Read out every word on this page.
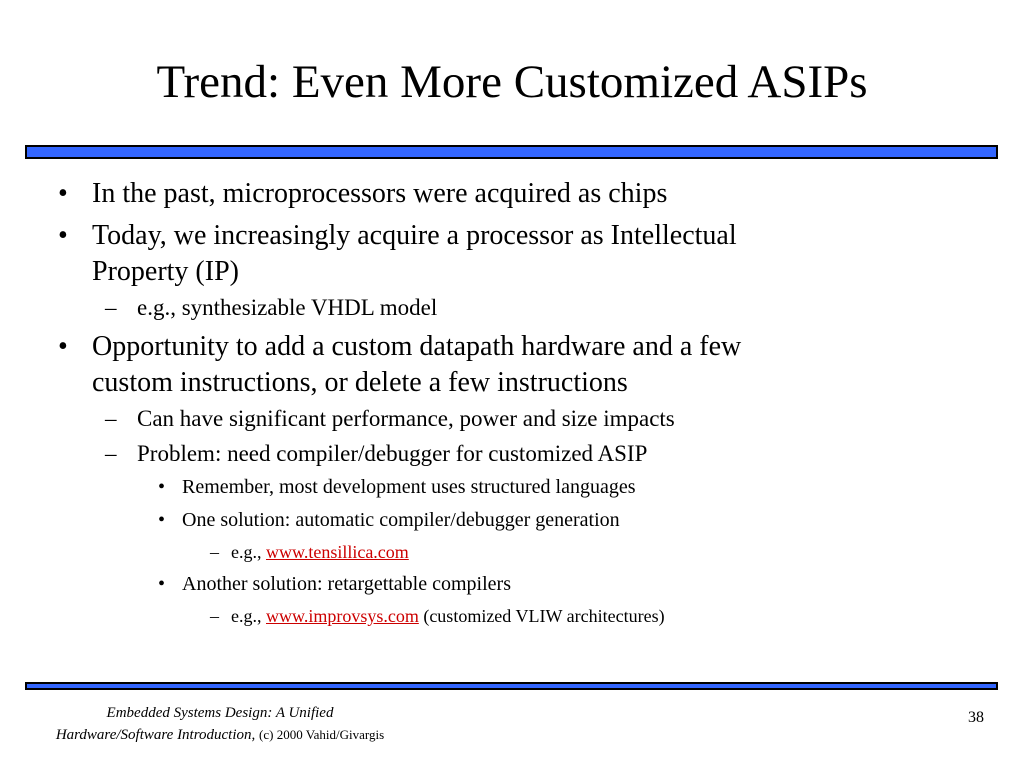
Trend: Even More Customized ASIPs
• In the past, microprocessors were acquired as chips
• Today, we increasingly acquire a processor as Intellectual
Property (IP)
– e.g., synthesizable VHDL model
• Opportunity to add a custom datapath hardware and a few
custom instructions, or delete a few instructions
– Can have significant performance, power and size impacts
– Problem: need compiler/debugger for customized ASIP
• Remember, most development uses structured languages
• One solution: automatic compiler/debugger generation
– e.g., www.tensillica.com
• Another solution: retargettable compilers
– e.g., www.improvsys.com (customized VLIW architectures)
Embedded Systems Design: A Unified
Hardware/Software Introduction, (c) 2000 Vahid/Givargis
38
